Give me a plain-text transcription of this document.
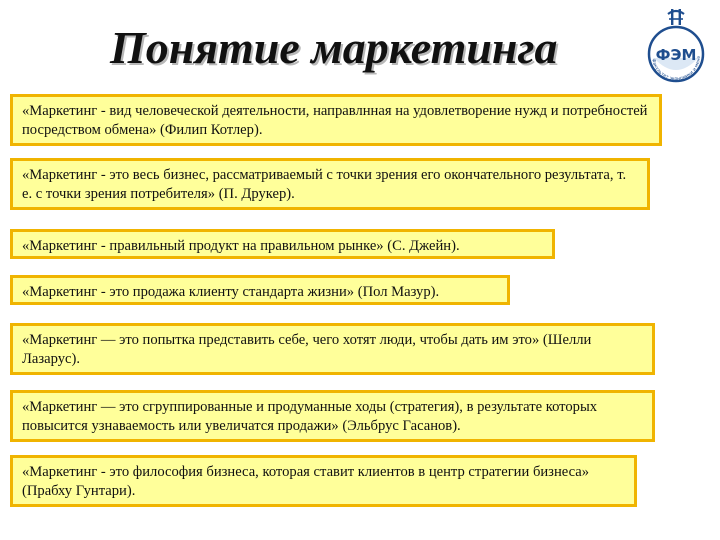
Понятие маркетинга	ФЭМ
Факультет экономики и мене
«Маркетинг - вид человеческой деятельности, направлнная на удовлетворение нужд и потребностей посредством обмена» (Филип Котлер).
«Маркетинг - это весь бизнес, рассматриваемый с точки зрения его окончательного результата, т. е. с точки зрения потребителя» (П. Друкер).
«Маркетинг - правильный продукт на правильном рынке» (С. Джейн).
«Маркетинг - это продажа клиенту стандарта жизни» (Пол Мазур).
«Маркетинг — это попытка представить себе, чего хотят люди, чтобы дать им это» (Шелли Лазарус).
«Маркетинг — это сгруппированные и продуманные ходы (стратегия), в результате которых повысится узнаваемость или увеличатся продажи» (Эльбрус Гасанов).
«Маркетинг - это философия бизнеса, которая ставит клиентов в центр стратегии бизнеса» (Прабху Гунтари).
